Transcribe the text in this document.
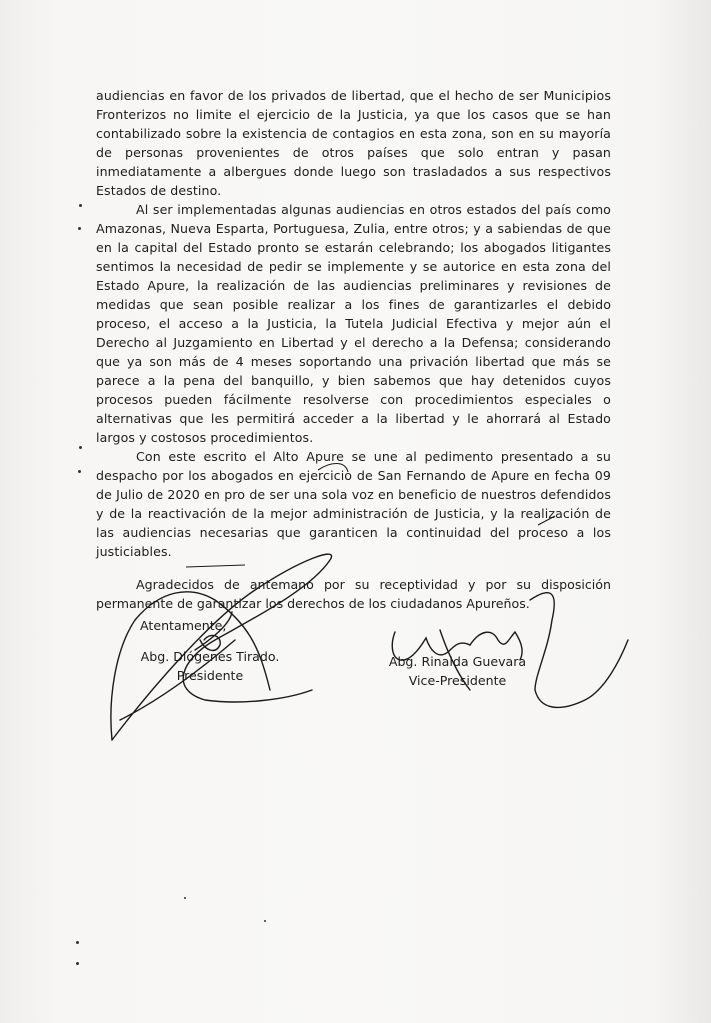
audiencias en favor de los privados de libertad, que el hecho de ser Municipios Fronterizos no limite el ejercicio de la Justicia, ya que los casos que se han contabilizado sobre la existencia de contagios en esta zona, son en su mayoría de personas provenientes de otros países que solo entran y pasan inmediatamente a albergues donde luego son trasladados a sus respectivos Estados de destino.

Al ser implementadas algunas audiencias en otros estados del país como Amazonas, Nueva Esparta, Portuguesa, Zulia, entre otros; y a sabiendas de que en la capital del Estado pronto se estarán celebrando; los abogados litigantes sentimos la necesidad de pedir se implemente y se autorice en esta zona del Estado Apure, la realización de las audiencias preliminares y revisiones de medidas que sean posible realizar a los fines de garantizarles el debido proceso, el acceso a la Justicia, la Tutela Judicial Efectiva y mejor aún el Derecho al Juzgamiento en Libertad y el derecho a la Defensa; considerando que ya son más de 4 meses soportando una privación libertad que más se parece a la pena del banquillo, y bien sabemos que hay detenidos cuyos procesos pueden fácilmente resolverse con procedimientos especiales o alternativas que les permitirá acceder a la libertad y le ahorrará al Estado largos y costosos procedimientos.

Con este escrito el Alto Apure se une al pedimento presentado a su despacho por los abogados en ejercicio de San Fernando de Apure en fecha 09 de Julio de 2020 en pro de ser una sola voz en beneficio de nuestros defendidos y de la reactivación de la mejor administración de Justicia, y la realización de las audiencias necesarias que garanticen la continuidad del proceso a los justiciables.

Agradecidos de antemano por su receptividad y por su disposición permanente de garantizar los derechos de los ciudadanos Apureños.

Atentamente,

Abg. Diógenes Tirado.
Presidente
Abg. Rinalda Guevara
Vice-Presidente
